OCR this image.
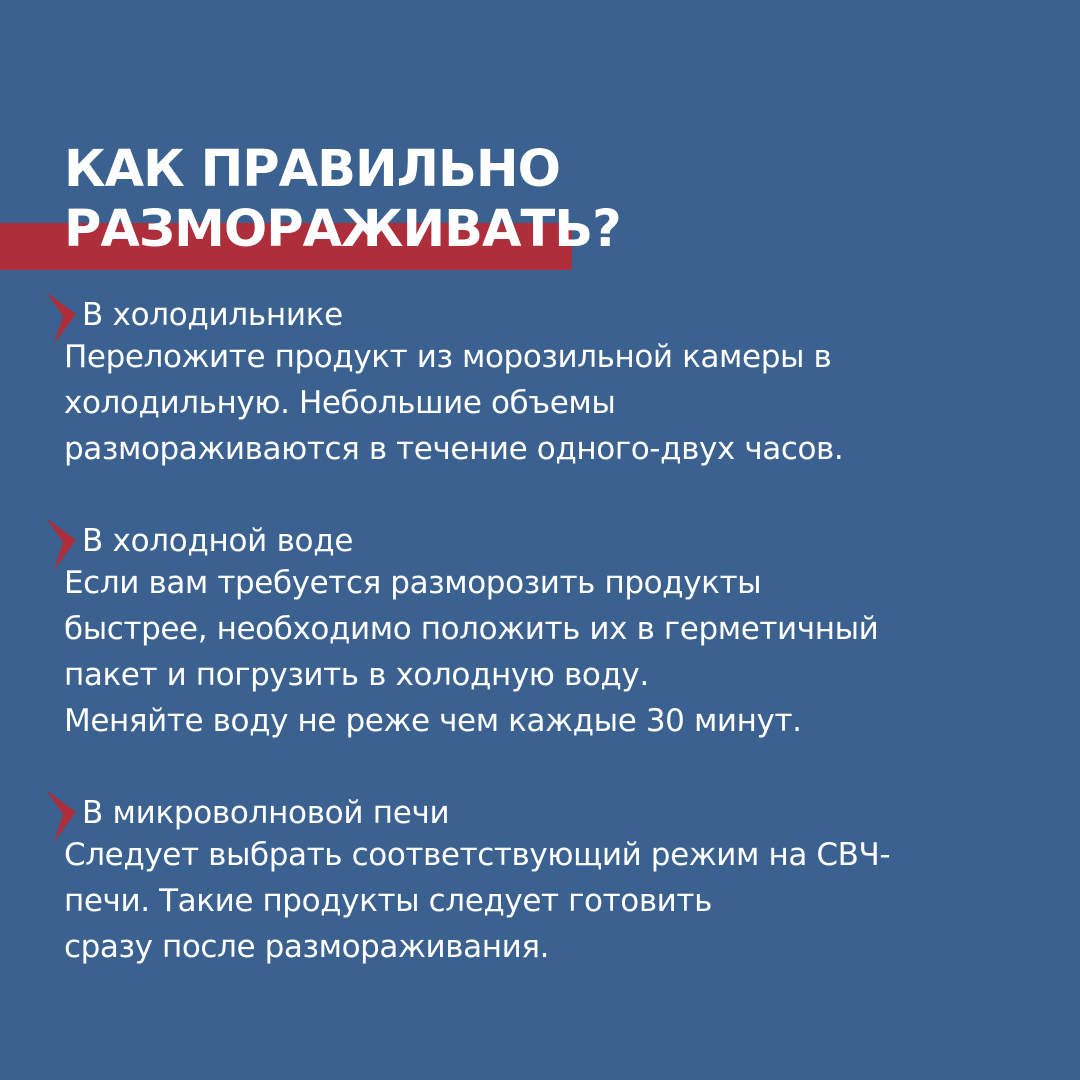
КАК ПРАВИЛЬНО
РАЗМОРАЖИВАТЬ?
В холодильнике
Переложите продукт из морозильной камеры в
холодильную. Небольшие объемы
размораживаются в течение одного-двух часов.
В холодной воде
Если вам требуется разморозить продукты
быстрее, необходимо положить их в герметичный
пакет и погрузить в холодную воду.
Меняйте воду не реже чем каждые 30 минут.
В микроволновой печи
Следует выбрать соответствующий режим на СВЧ-
печи. Такие продукты следует готовить
сразу после размораживания.
